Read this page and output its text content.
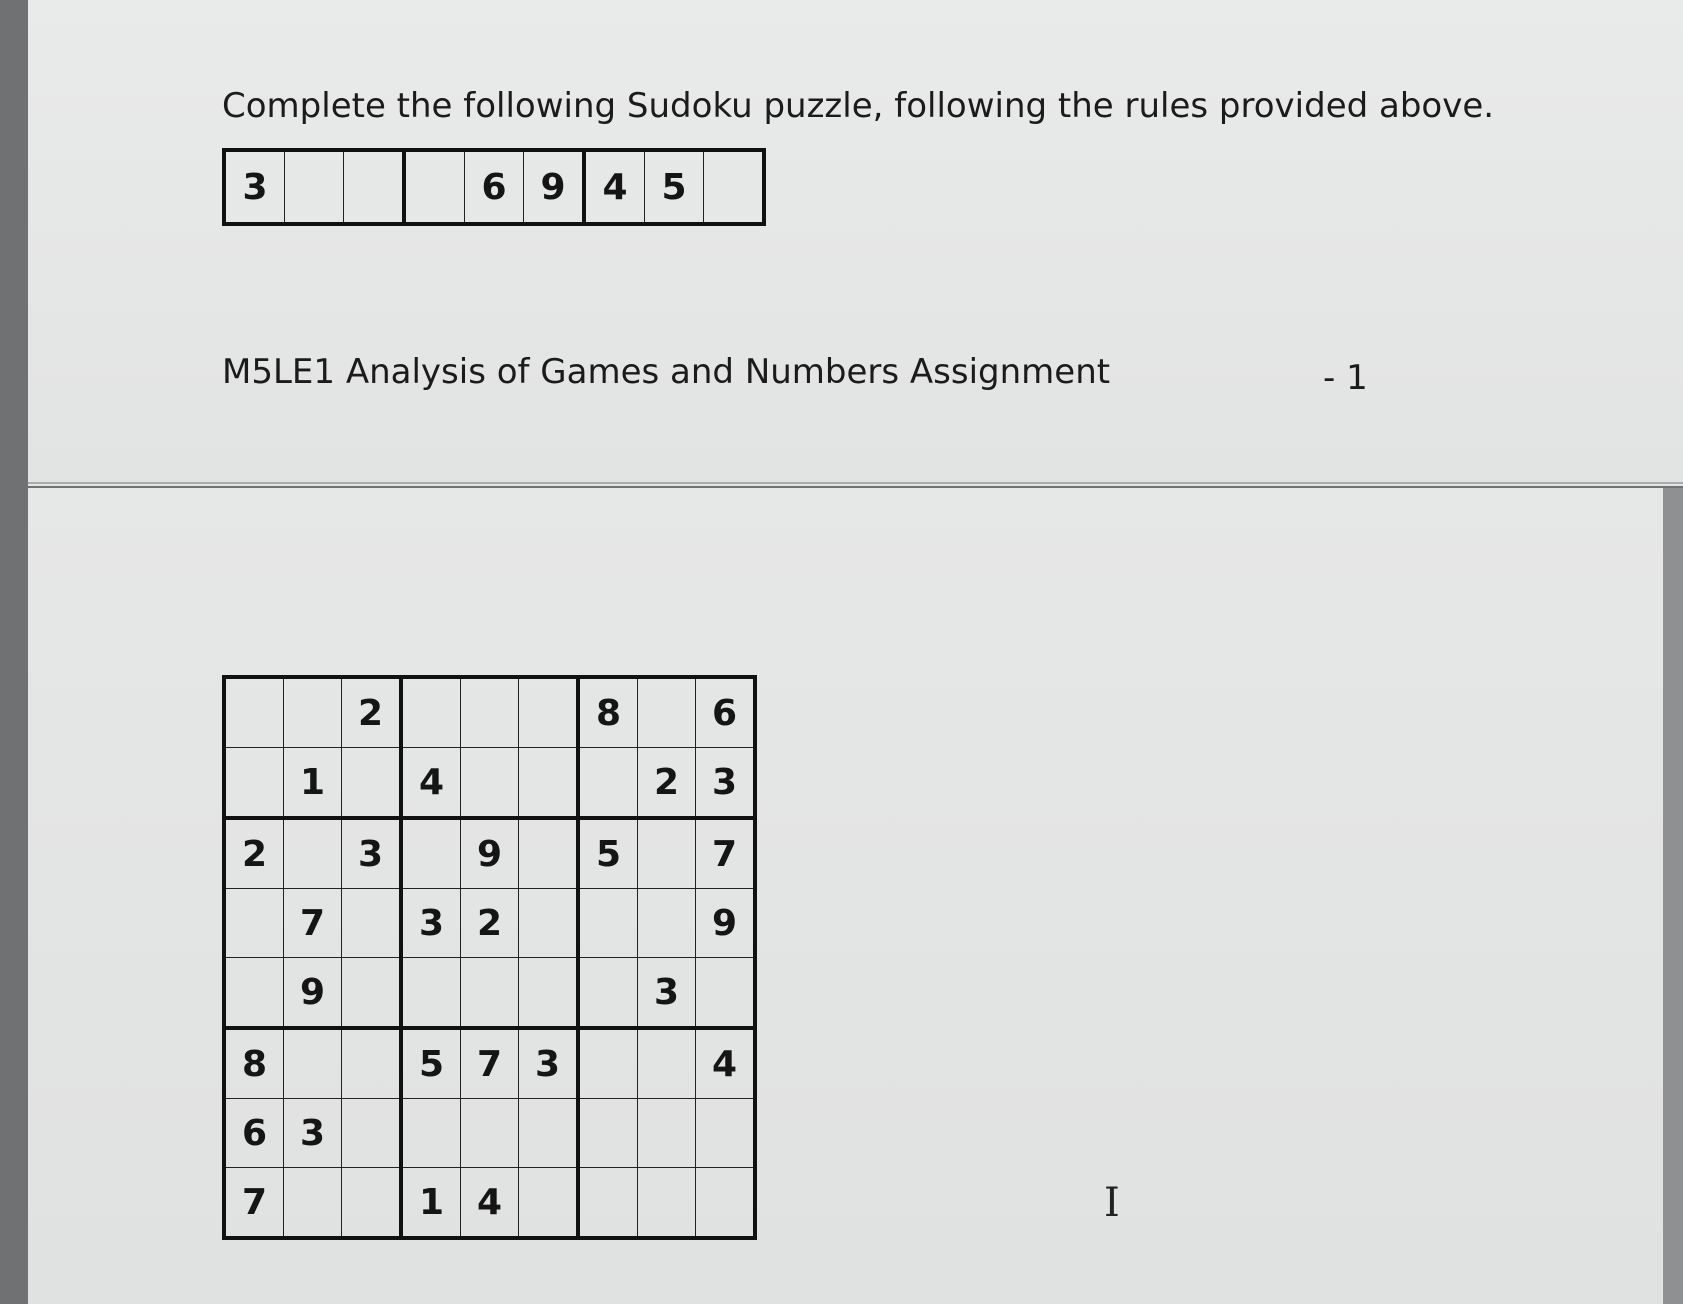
Complete the following Sudoku puzzle, following the rules provided above.
3				6	9	4	5	
M5LE1 Analysis of Games and Numbers Assignment	- 1
		2				8		6
	1		4				2	3
2		3		9		5		7
	7		3	2				9
	9						3	
8			5	7	3			4
6	3							
7			1	4					I
